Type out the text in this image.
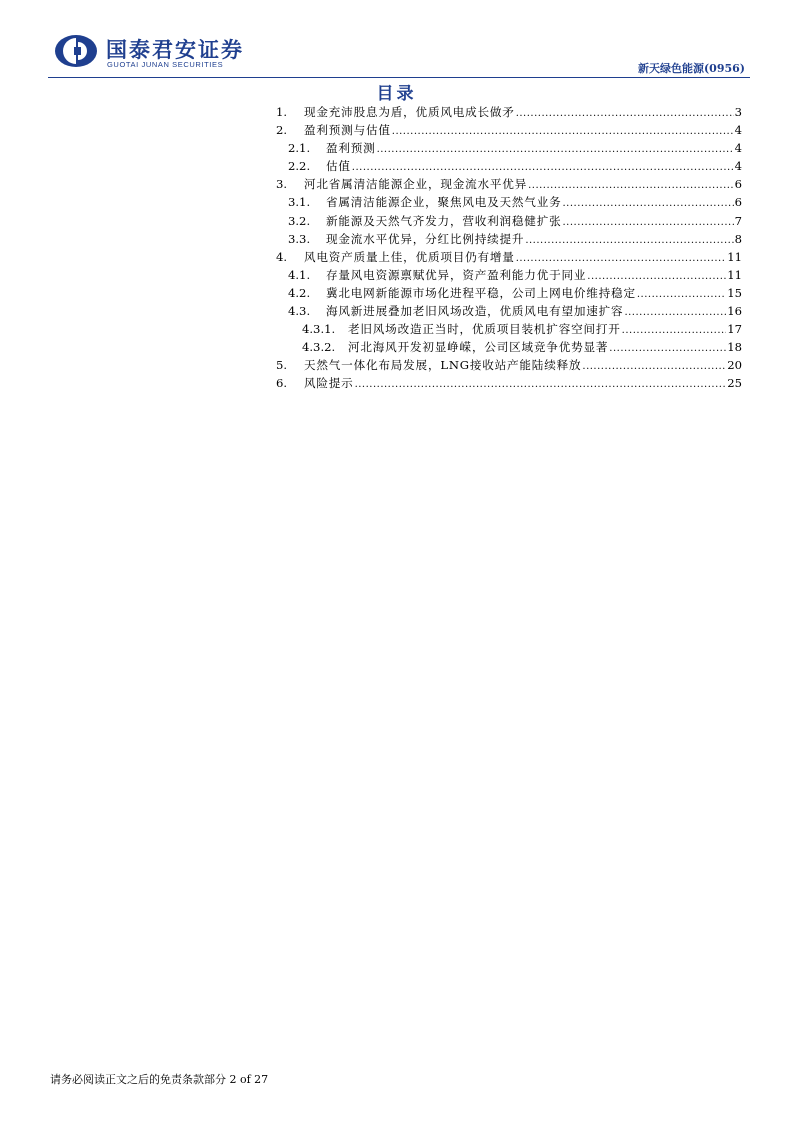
国泰君安证券
GUOTAI JUNAN SECURITIES	新天绿色能源(0956)
目录
1.	现金充沛股息为盾，优质风电成长做矛 .....	3
2.	盈利预测与估值 .....	4
2.1.	盈利预测 .....	4
2.2.	估值 .....	4
3.	河北省属清洁能源企业，现金流水平优异 .....	6
3.1.	省属清洁能源企业，聚焦风电及天然气业务 .....	6
3.2.	新能源及天然气齐发力，营收利润稳健扩张 .....	7
3.3.	现金流水平优异，分红比例持续提升 .....	8
4.	风电资产质量上佳，优质项目仍有增量 .....	11
4.1.	存量风电资源禀赋优异，资产盈利能力优于同业 .....	11
4.2.	冀北电网新能源市场化进程平稳，公司上网电价维持稳定 .....	15
4.3.	海风新进展叠加老旧风场改造，优质风电有望加速扩容 .....	16
4.3.1.	老旧风场改造正当时，优质项目装机扩容空间打开 .....	17
4.3.2.	河北海风开发初显峥嵘，公司区域竞争优势显著 .....	18
5.	天然气一体化布局发展，LNG接收站产能陆续释放 .....	20
6.	风险提示 .....	25
请务必阅读正文之后的免责条款部分 2 of 27
